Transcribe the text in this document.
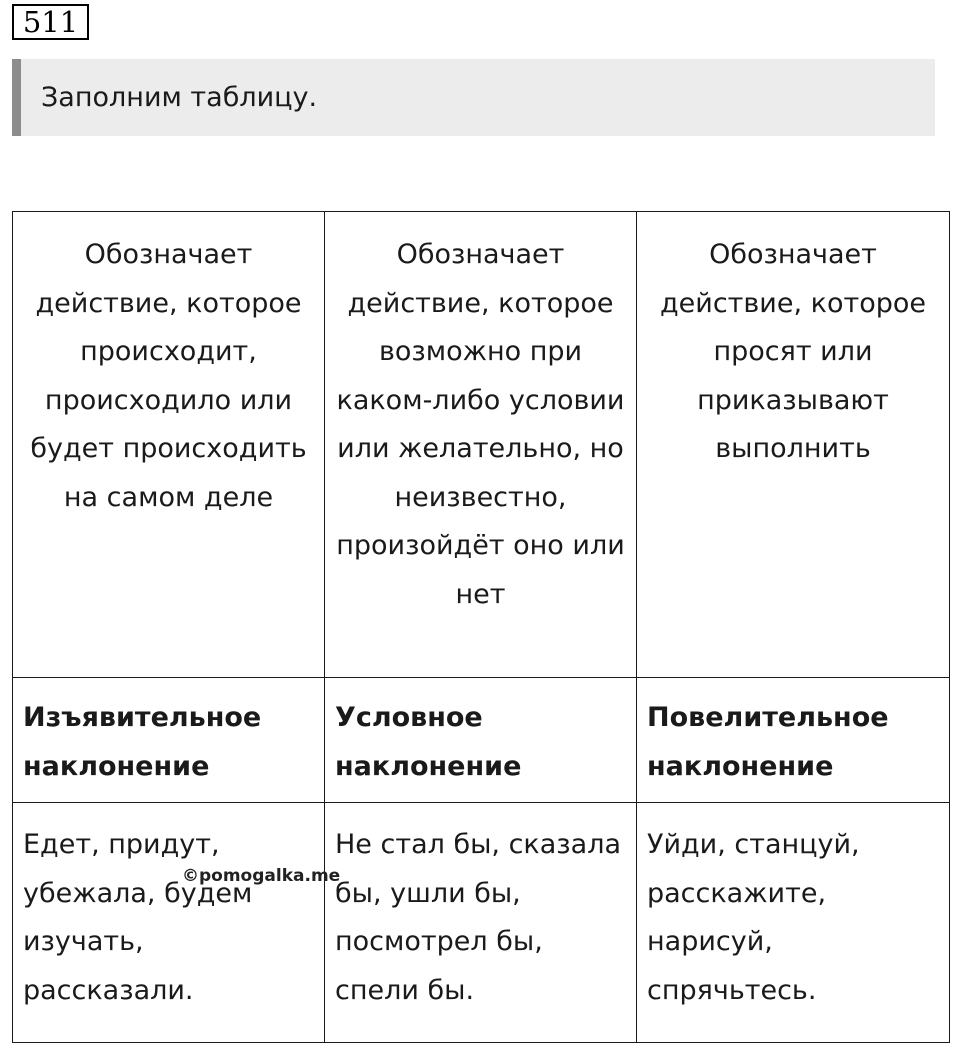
511
Заполним таблицу.
Обозначает действие, которое происходит, происходило или будет происходить на самом деле	Обозначает действие, которое возможно при каком-либо условии или желательно, но неизвестно, произойдёт оно или нет	Обозначает действие, которое просят или приказывают выполнить
Изъявительное наклонение	Условное наклонение	Повелительное наклонение
Едет, придут, убежала, будем изучать, рассказали.	Не стал бы, сказала бы, ушли бы, посмотрел бы, спели бы.	Уйди, станцуй, расскажите, нарисуй, спрячьтесь.
©pomogalka.me
